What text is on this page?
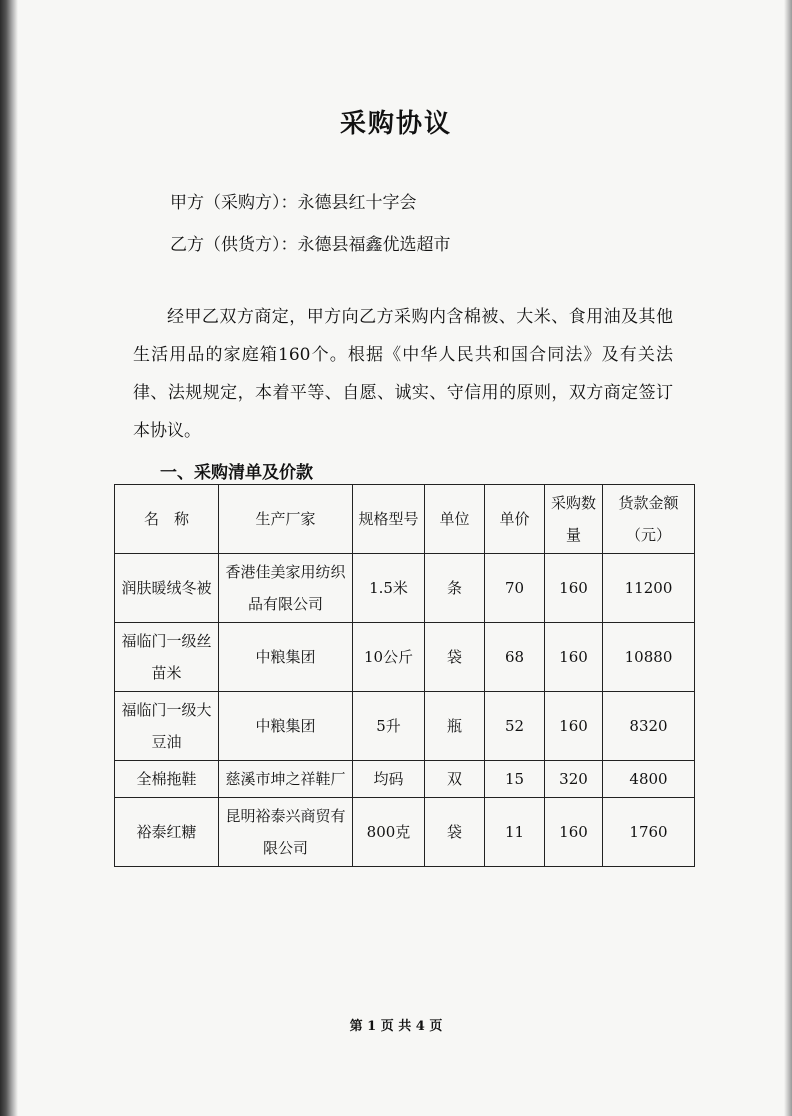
采购协议
甲方（采购方）：永德县红十字会
乙方（供货方）：永德县福鑫优选超市
经甲乙双方商定，甲方向乙方采购内含棉被、大米、食用油及其他生活用品的家庭箱160个。根据《中华人民共和国合同法》及有关法律、法规规定，本着平等、自愿、诚实、守信用的原则，双方商定签订本协议。
一、采购清单及价款
名　称	生产厂家	规格型号	单位	单价	采购数量	货款金额（元）
润肤暖绒冬被	香港佳美家用纺织品有限公司	1.5米	条	70	160	11200
福临门一级丝苗米	中粮集团	10公斤	袋	68	160	10880
福临门一级大豆油	中粮集团	5升	瓶	52	160	8320
全棉拖鞋	慈溪市坤之祥鞋厂	均码	双	15	320	4800
裕泰红糖	昆明裕泰兴商贸有限公司	800克	袋	11	160	1760
第 1 页 共 4 页
